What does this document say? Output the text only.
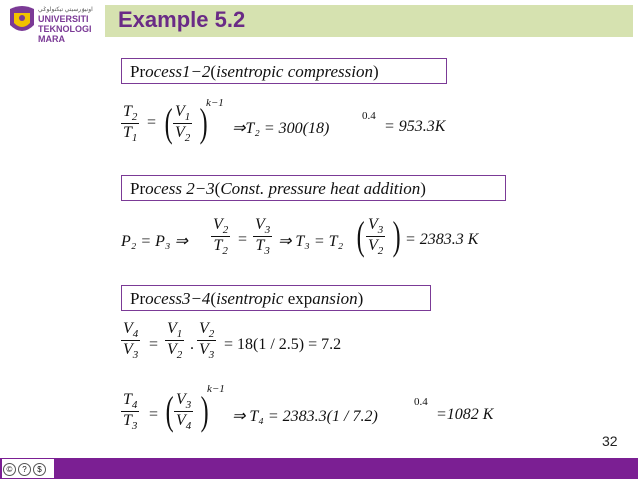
اونيۏرسيتي تيکنولوݢي
UNIVERSITI
TEKNOLOGI
MARA
Example 5.2
Process1−2(isentropic compression)
$\frac{T_2}{T_1}$ = ( $\frac{V_1}{V_2}$ )
k−1
⇒T₂ = 300(18)
0.4
= 953.3K
Process 2−3(Const. pressure heat addition)
P₂ = P₃ ⇒ $\frac{V_2}{T_2} = \frac{V_3}{T_3}$ ⇒ T₃ = T₂ ( $\frac{V_3}{V_2}$ ) = 2383.3 K
Process3−4(isentropic expansion)
$\frac{V_4}{V_3} = \frac{V_1}{V_2}$ . $\frac{V_2}{V_3} = 18(1 / 2.5) = 7.2$
$\frac{T_4}{T_3}$ = ( $\frac{V_3}{V_4}$ )
k−1
⇒ T₄ = 2383.3(1 / 7.2)
0.4
=1082 K
32
© ? $
